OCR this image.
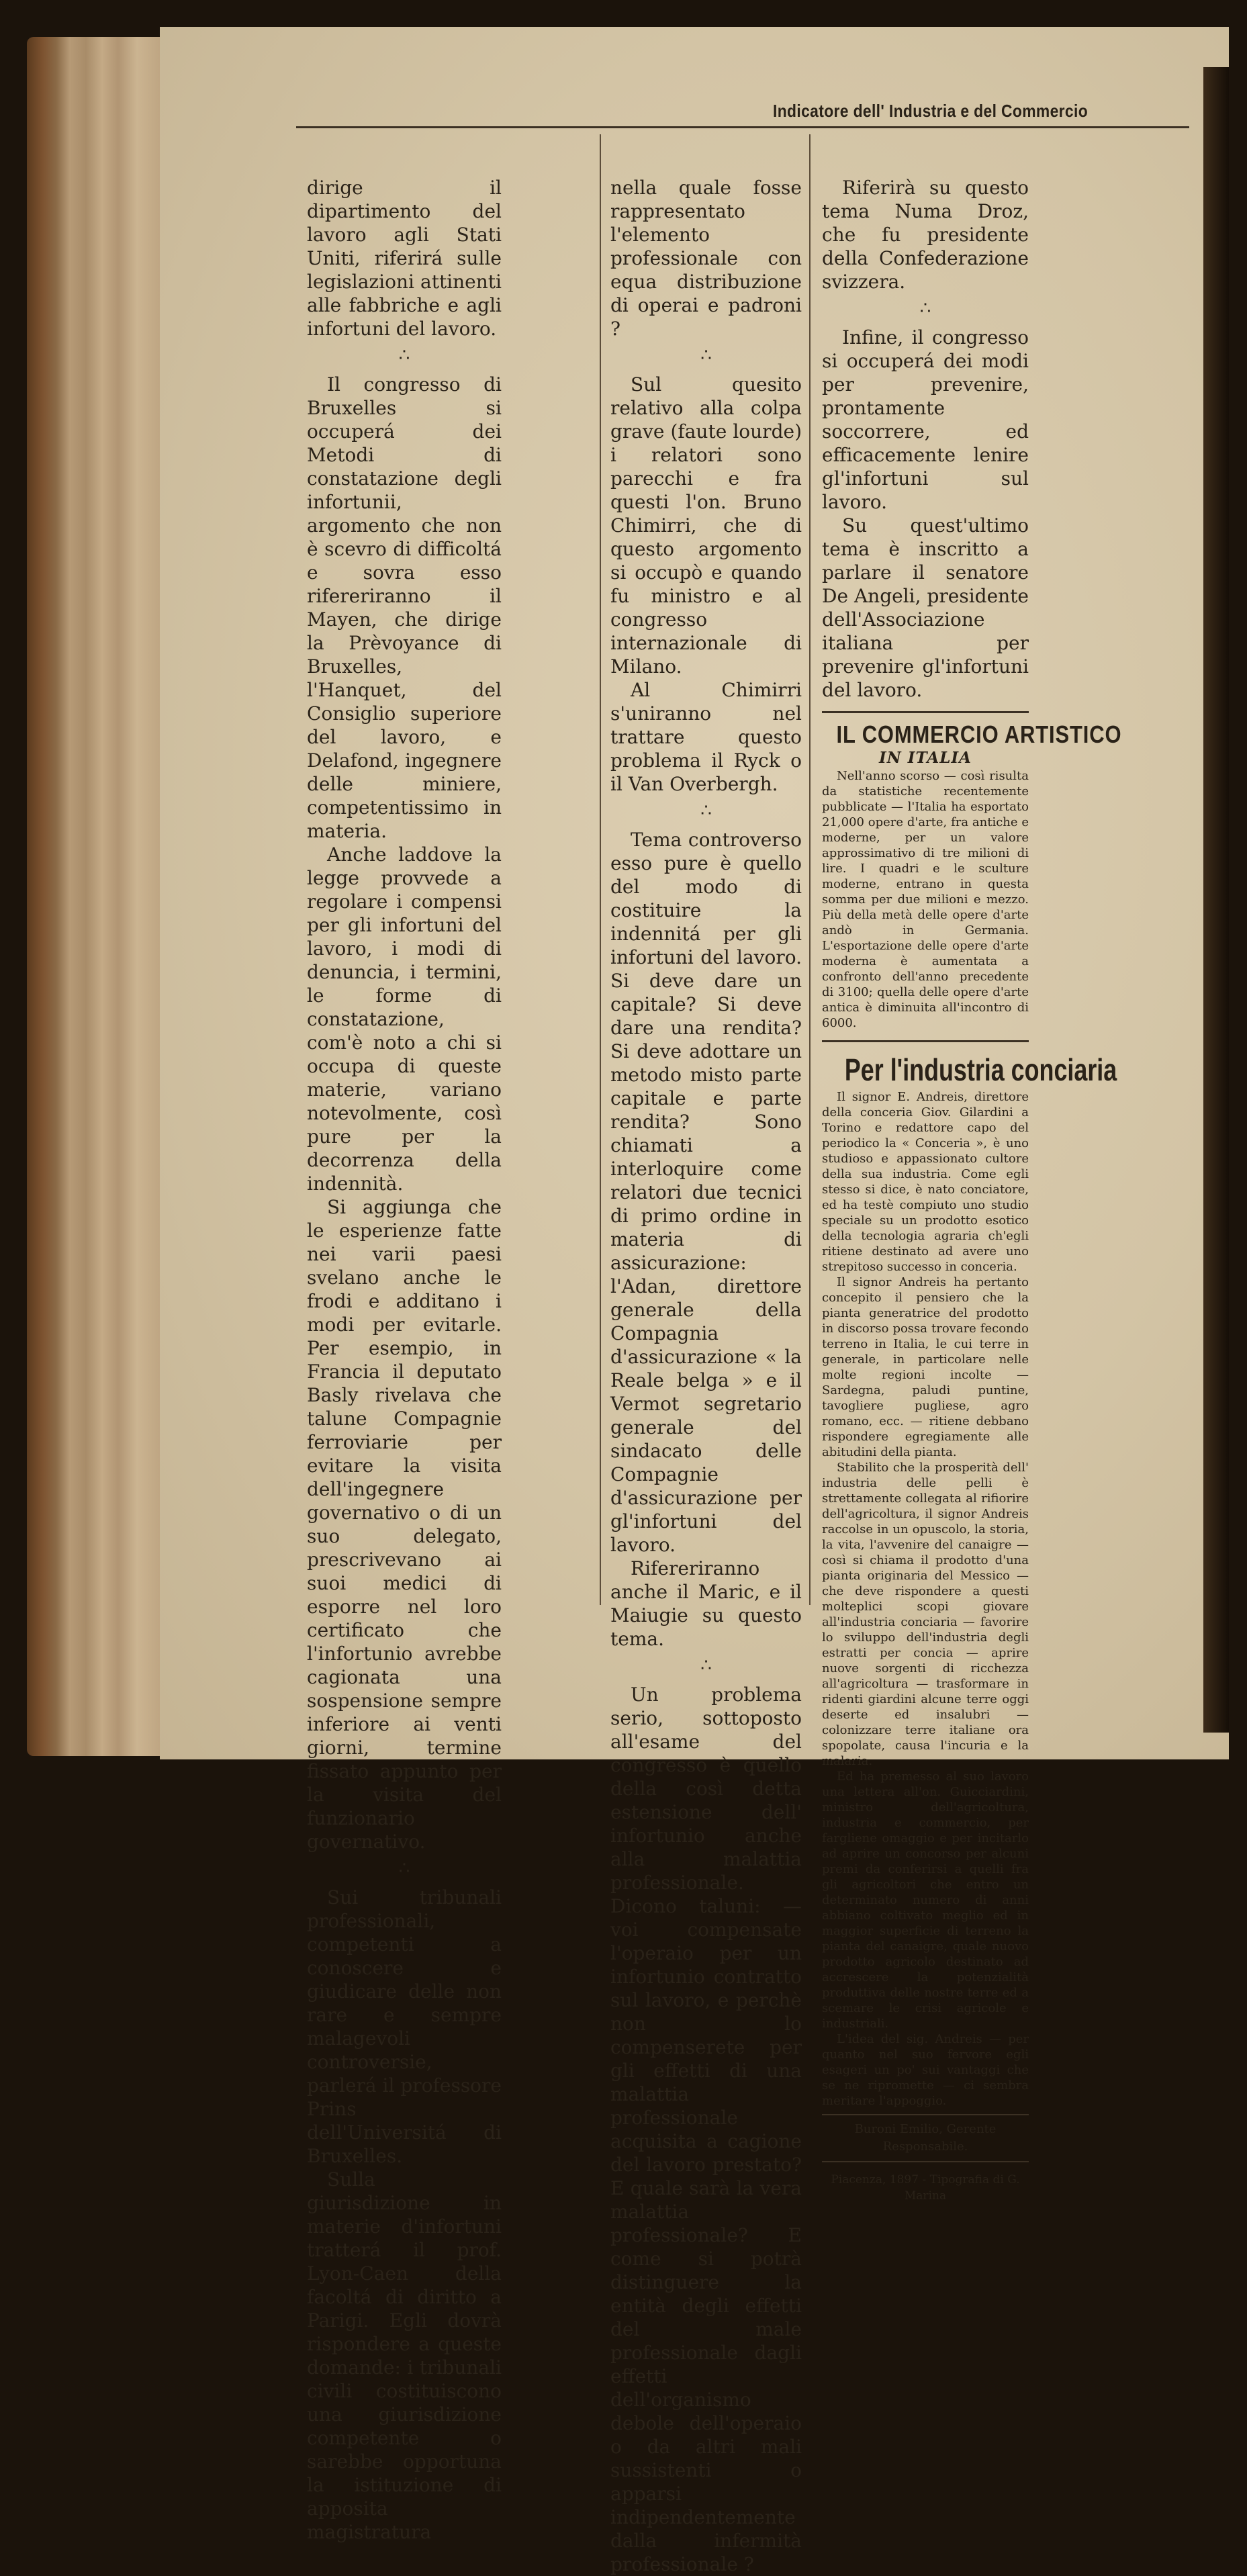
Indicatore dell' Industria e del Commercio

dirige il dipartimento del lavoro agli Stati Uniti, riferirá sulle legislazioni attinenti alle fabbriche e agli infortuni del lavoro.

∴

Il congresso di Bruxelles si occuperá dei Metodi di constatazione degli infortunii, argomento che non è scevro di difficoltá e sovra esso rifereriranno il Mayen, che dirige la Prèvoyance di Bruxelles, l'Hanquet, del Consiglio superiore del lavoro, e Delafond, ingegnere delle miniere, competentissimo in materia.

Anche laddove la legge provvede a regolare i compensi per gli infortuni del lavoro, i modi di denuncia, i termini, le forme di constatazione, com'è noto a chi si occupa di queste materie, variano notevolmente, così pure per la decorrenza della indennità.

Si aggiunga che le esperienze fatte nei varii paesi svelano anche le frodi e additano i modi per evitarle. Per esempio, in Francia il deputato Basly rivelava che talune Compagnie ferroviarie per evitare la visita dell'ingegnere governativo o di un suo delegato, prescrivevano ai suoi medici di esporre nel loro certificato che l'infortunio avrebbe cagionata una sospensione sempre inferiore ai venti giorni, termine fissato appunto per la visita del funzionario governativo.

∴

Sui tribunali professionali, competenti a conoscere e giudicare delle non rare e sempre malagevoli controversie, parlerá il professore Prins dell'Universitá di Bruxelles.

Sulla giurisdizione in materie d'infortuni tratterá il prof. Lyon-Caen della facoltá di diritto a Parigi. Egli dovrà rispondere a queste domande: i tribunali civili costituiscono una giurisdizione competente o sarebbe opportuna la istituzione di apposita magistratura

nella quale fosse rappresentato l'elemento professionale con equa distribuzione di operai e padroni ?

∴

Sul quesito relativo alla colpa grave (faute lourde) i relatori sono parecchi e fra questi l'on. Bruno Chimirri, che di questo argomento si occupò e quando fu ministro e al congresso internazionale di Milano.

Al Chimirri s'uniranno nel trattare questo problema il Ryck o il Van Overbergh.

∴

Tema controverso esso pure è quello del modo di costituire la indennitá per gli infortuni del lavoro. Si deve dare un capitale? Si deve dare una rendita? Si deve adottare un metodo misto parte capitale e parte rendita? Sono chiamati a interloquire come relatori due tecnici di primo ordine in materia di assicurazione: l'Adan, direttore generale della Compagnia d'assicurazione « la Reale belga » e il Vermot segretario generale del sindacato delle Compagnie d'assicurazione per gl'infortuni del lavoro.

Rifereriranno anche il Maric, e il Maiugie su questo tema.

∴

Un problema serio, sottoposto all'esame del congresso è quello della così detta estensione dell' infortunio anche alla malattia professionale. Dicono taluni: — voi compensate l'operaio per un infortunio contratto sul lavoro, e perchè non lo compenserete per gli effetti di una malattia professionale acquisita a cagione del lavoro prestato? E quale sarà la vera malattia professionale? E come si potrà distinguere la entità degli effetti del male professionale dagli effetti dell'organismo debole dell'operaio o da altri mali sussistenti o apparsi indipendentemente dalla infermità professionale ?

Riferirà su questo tema Numa Droz, che fu presidente della Confederazione svizzera.

∴

Infine, il congresso si occuperá dei modi per prevenire, prontamente soccorrere, ed efficacemente lenire gl'infortuni sul lavoro.

Su quest'ultimo tema è inscritto a parlare il senatore De Angeli, presidente dell'Associazione italiana per prevenire gl'infortuni del lavoro.

IL COMMERCIO ARTISTICO
IN ITALIA

Nell'anno scorso — così risulta da statistiche recentemente pubblicate — l'Italia ha esportato 21,000 opere d'arte, fra antiche e moderne, per un valore approssimativo di tre milioni di lire. I quadri e le sculture moderne, entrano in questa somma per due milioni e mezzo. Più della metà delle opere d'arte andò in Germania. L'esportazione delle opere d'arte moderna è aumentata a confronto dell'anno precedente di 3100; quella delle opere d'arte antica è diminuita all'incontro di 6000.

Per l'industria conciaria

Il signor E. Andreis, direttore della conceria Giov. Gilardini a Torino e redattore capo del periodico la « Conceria », è uno studioso e appassionato cultore della sua industria. Come egli stesso si dice, è nato conciatore, ed ha testè compiuto uno studio speciale su un prodotto esotico della tecnologia agraria ch'egli ritiene destinato ad avere uno strepitoso successo in conceria.

Il signor Andreis ha pertanto concepito il pensiero che la pianta generatrice del prodotto in discorso possa trovare fecondo terreno in Italia, le cui terre in generale, in particolare nelle molte regioni incolte — Sardegna, paludi puntine, tavogliere pugliese, agro romano, ecc. — ritiene debbano rispondere egregiamente alle abitudini della pianta.

Stabilito che la prosperità dell' industria delle pelli è strettamente collegata al rifiorire dell'agricoltura, il signor Andreis raccolse in un opuscolo, la storia, la vita, l'avvenire del canaigre — così si chiama il prodotto d'una pianta originaria del Messico — che deve rispondere a questi molteplici scopi giovare all'industria conciaria — favorire lo sviluppo dell'industria degli estratti per concia — aprire nuove sorgenti di ricchezza all'agricoltura — trasformare in ridenti giardini alcune terre oggi deserte ed insalubri — colonizzare terre italiane ora spopolate, causa l'incuria e la malaria.

Ed ha premesso al suo lavoro una lettera all'on. Guicciardini, ministro dell'agricoltura, industria e commercio, per fargliene omaggio e per incitarlo ad aprire un concorso per alcuni premi da conferirsi a quelli fra gli agricoltori che entro un determinato numero di anni abbiano coltivato meglio ed in maggior superficie di terreno la pianta del canaigre, quale nuovo prodotto agricolo destinato ad accrescere la potenzialità produttiva delle nostre terre ed a scemare le crisi agricole e industriali.

L'idea del sig. Andreis — per quanto nel suo fervore egli esageri un po' sui vantaggi che se ne ripromette — ci sembra meritare l'appoggio.

Buroni Emilio, Gerente Responsabile.
Piacenza, 1897 - Tipografia di G. Marina
